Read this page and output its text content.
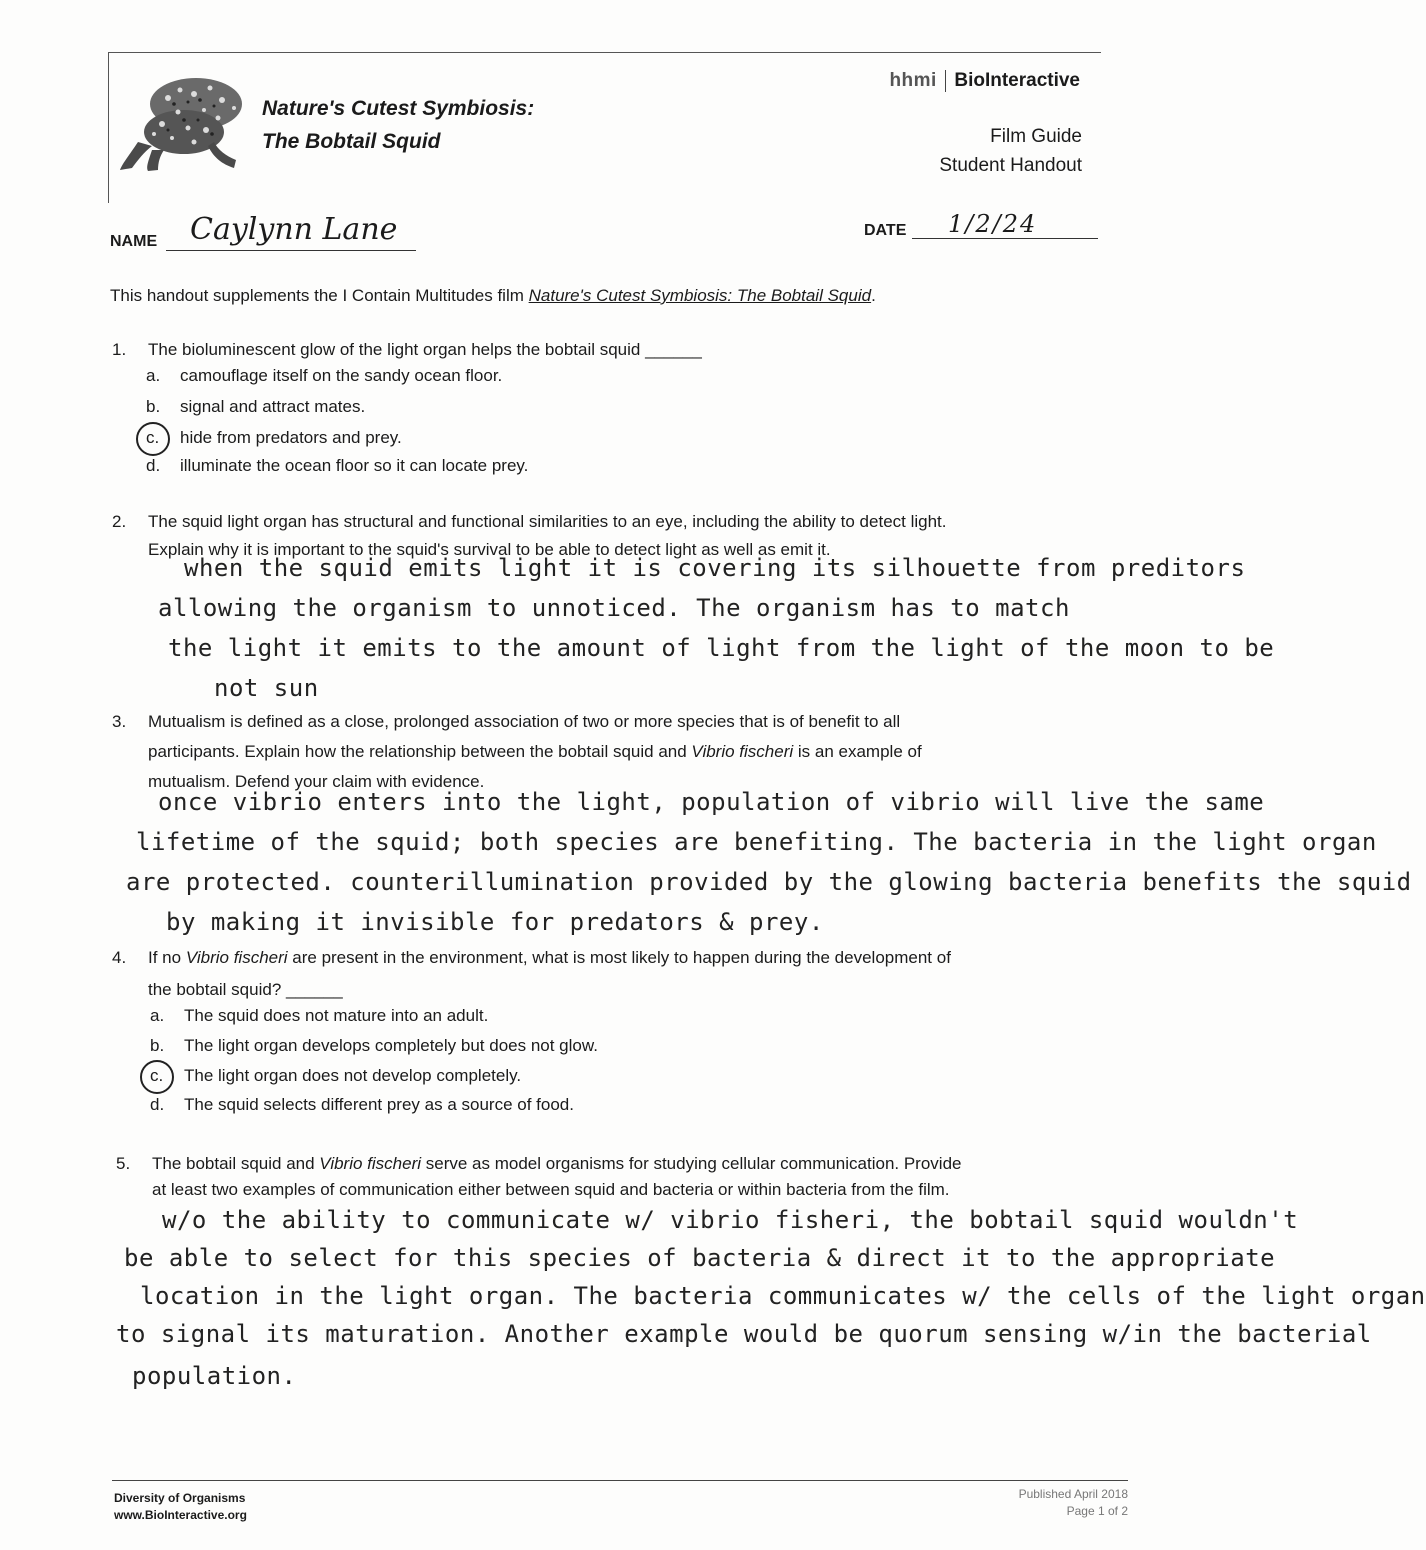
Nature's Cutest Symbiosis:
The Bobtail Squid
hhmi BioInteractive
Film Guide
Student Handout
NAME Caylynn Lane	DATE 1/2/24
This handout supplements the I Contain Multitudes film Nature's Cutest Symbiosis: The Bobtail Squid.
1. The bioluminescent glow of the light organ helps the bobtail squid ______
a.	camouflage itself on the sandy ocean floor.
b.	signal and attract mates.
c.	hide from predators and prey.
d.	illuminate the ocean floor so it can locate prey.
2. The squid light organ has structural and functional similarities to an eye, including the ability to detect light.
Explain why it is important to the squid's survival to be able to detect light as well as emit it.
when the squid emits light it is covering its silhouette from preditors
allowing the organism to unnoticed. The organism has to match
the light it emits to the amount of light from the light of the moon to be
not sun
3. Mutualism is defined as a close, prolonged association of two or more species that is of benefit to all
participants. Explain how the relationship between the bobtail squid and Vibrio fischeri is an example of
mutualism. Defend your claim with evidence.
once vibrio enters into the light, population of vibrio will live the same
lifetime of the squid; both species are benefiting. The bacteria in the light organ
are protected. counterillumination provided by the glowing bacteria benefits the squid
by making it invisible for predators & prey.
4. If no Vibrio fischeri are present in the environment, what is most likely to happen during the development of
the bobtail squid? ______
a.	The squid does not mature into an adult.
b.	The light organ develops completely but does not glow.
c.	The light organ does not develop completely.
d.	The squid selects different prey as a source of food.
5. The bobtail squid and Vibrio fischeri serve as model organisms for studying cellular communication. Provide
at least two examples of communication either between squid and bacteria or within bacteria from the film.
w/o the ability to communicate w/ vibrio fisheri, the bobtail squid wouldn't
be able to select for this species of bacteria & direct it to the appropriate
location in the light organ. The bacteria communicates w/ the cells of the light organ
to signal its maturation. Another example would be quorum sensing w/in the bacterial
population.
Diversity of Organisms
www.BioInteractive.org
Published April 2018
Page 1 of 2
